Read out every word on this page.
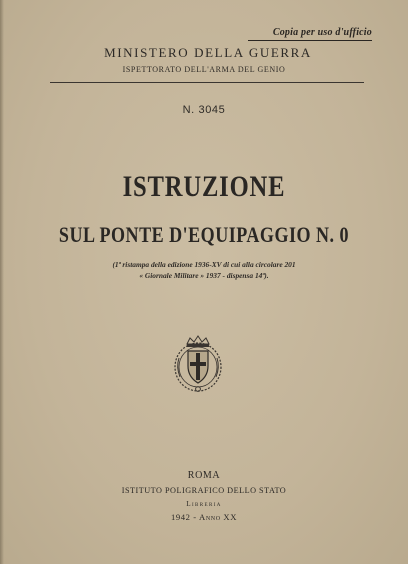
Copia per uso d'ufficio
MINISTERO DELLA GUERRA
ISPETTORATO DELL'ARMA DEL GENIO
N. 3045
ISTRUZIONE
SUL PONTE D'EQUIPAGGIO N. 0
(1ª ristampa della edizione 1936-XV di cui alla circolare 201
« Giornale Militare » 1937 - dispensa 14ª).
ROMA
ISTITUTO POLIGRAFICO DELLO STATO
Libreria
1942 - Anno XX
